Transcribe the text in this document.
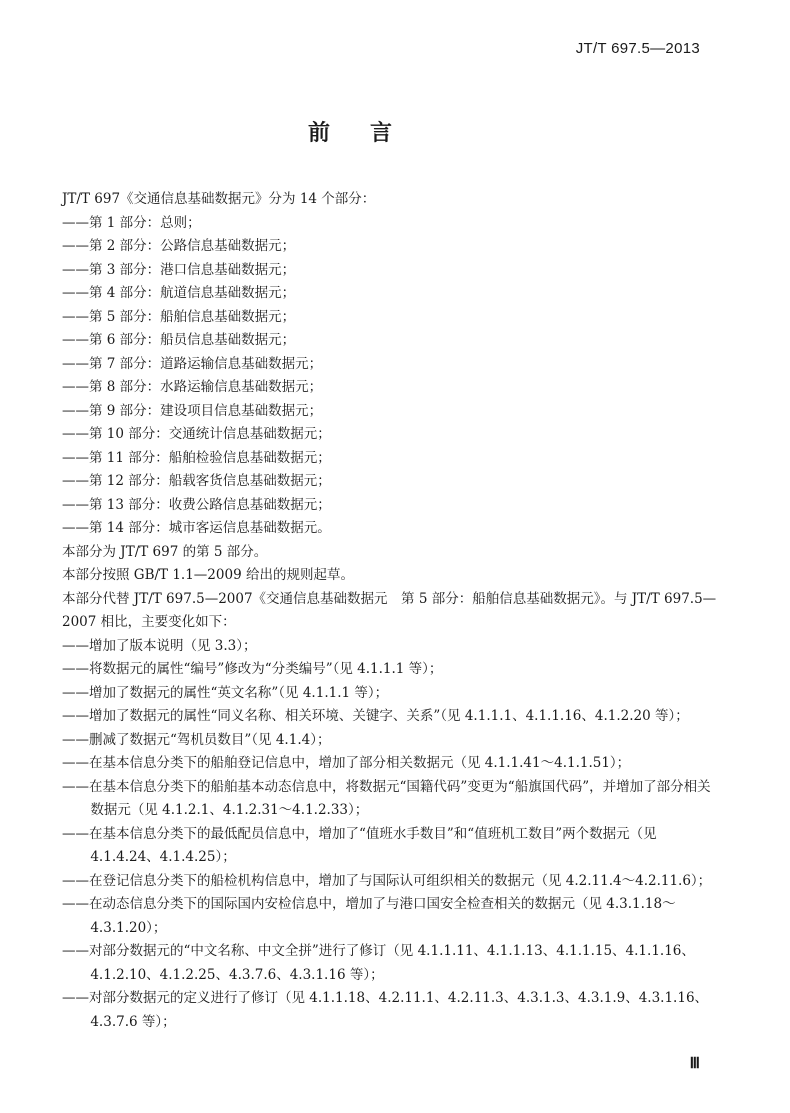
JT/T 697.5—2013
前言

JT/T 697《交通信息基础数据元》分为 14 个部分：

——第 1 部分：总则；

——第 2 部分：公路信息基础数据元；

——第 3 部分：港口信息基础数据元；

——第 4 部分：航道信息基础数据元；

——第 5 部分：船舶信息基础数据元；

——第 6 部分：船员信息基础数据元；

——第 7 部分：道路运输信息基础数据元；

——第 8 部分：水路运输信息基础数据元；

——第 9 部分：建设项目信息基础数据元；

——第 10 部分：交通统计信息基础数据元；

——第 11 部分：船舶检验信息基础数据元；

——第 12 部分：船载客货信息基础数据元；

——第 13 部分：收费公路信息基础数据元；

——第 14 部分：城市客运信息基础数据元。

本部分为 JT/T 697 的第 5 部分。

本部分按照 GB/T 1.1—2009 给出的规则起草。

本部分代替 JT/T 697.5—2007《交通信息基础数据元　第 5 部分：船舶信息基础数据元》。与 JT/T 697.5—2007 相比，主要变化如下：

——增加了版本说明（见 3.3）；

——将数据元的属性“编号”修改为“分类编号”（见 4.1.1.1 等）；

——增加了数据元的属性“英文名称”（见 4.1.1.1 等）；

——增加了数据元的属性“同义名称、相关环境、关键字、关系”（见 4.1.1.1、4.1.1.16、4.1.2.20 等）；

——删减了数据元“驾机员数目”（见 4.1.4）；

——在基本信息分类下的船舶登记信息中，增加了部分相关数据元（见 4.1.1.41～4.1.1.51）；

——在基本信息分类下的船舶基本动态信息中，将数据元“国籍代码”变更为“船旗国代码”，并增加了部分相关数据元（见 4.1.2.1、4.1.2.31～4.1.2.33）；

——在基本信息分类下的最低配员信息中，增加了“值班水手数目”和“值班机工数目”两个数据元（见 4.1.4.24、4.1.4.25）；

——在登记信息分类下的船检机构信息中，增加了与国际认可组织相关的数据元（见 4.2.11.4～4.2.11.6）；

——在动态信息分类下的国际国内安检信息中，增加了与港口国安全检查相关的数据元（见 4.3.1.18～4.3.1.20）；

——对部分数据元的“中文名称、中文全拼”进行了修订（见 4.1.1.11、4.1.1.13、4.1.1.15、4.1.1.16、4.1.2.10、4.1.2.25、4.3.7.6、4.3.1.16 等）；

——对部分数据元的定义进行了修订（见 4.1.1.18、4.2.11.1、4.2.11.3、4.3.1.3、4.3.1.9、4.3.1.16、4.3.7.6 等）；

Ⅲ
